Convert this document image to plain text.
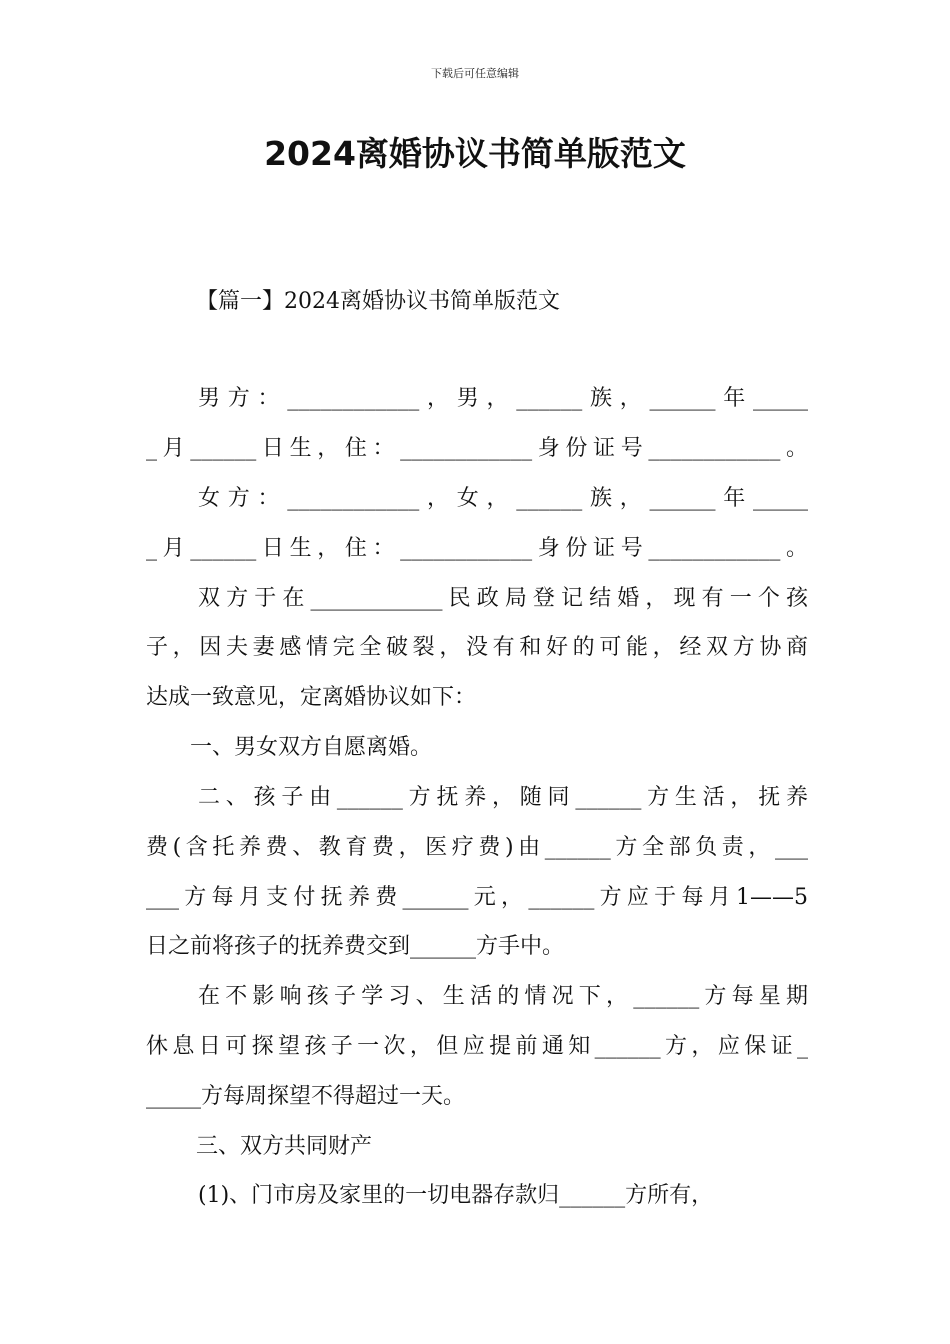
下载后可任意编辑
2024离婚协议书简单版范文
【篇一】2024离婚协议书简单版范文
男方：____________，男，______族，______年_____
_月______日生，住：____________身份证号____________。
女方：____________，女，______族，______年_____
_月______日生，住：____________身份证号____________。
双方于在____________民政局登记结婚，现有一个孩
子，因夫妻感情完全破裂，没有和好的可能，经双方协商
达成一致意见，定离婚协议如下：
一、男女双方自愿离婚。
二、孩子由______方抚养，随同______方生活，抚养
费(含托养费、教育费，医疗费)由______方全部负责，___
___方每月支付抚养费______元，______方应于每月1——5
日之前将孩子的抚养费交到______方手中。
在不影响孩子学习、生活的情况下，______方每星期
休息日可探望孩子一次，但应提前通知______方，应保证_
_____方每周探望不得超过一天。
三、双方共同财产
(1)、门市房及家里的一切电器存款归______方所有，
